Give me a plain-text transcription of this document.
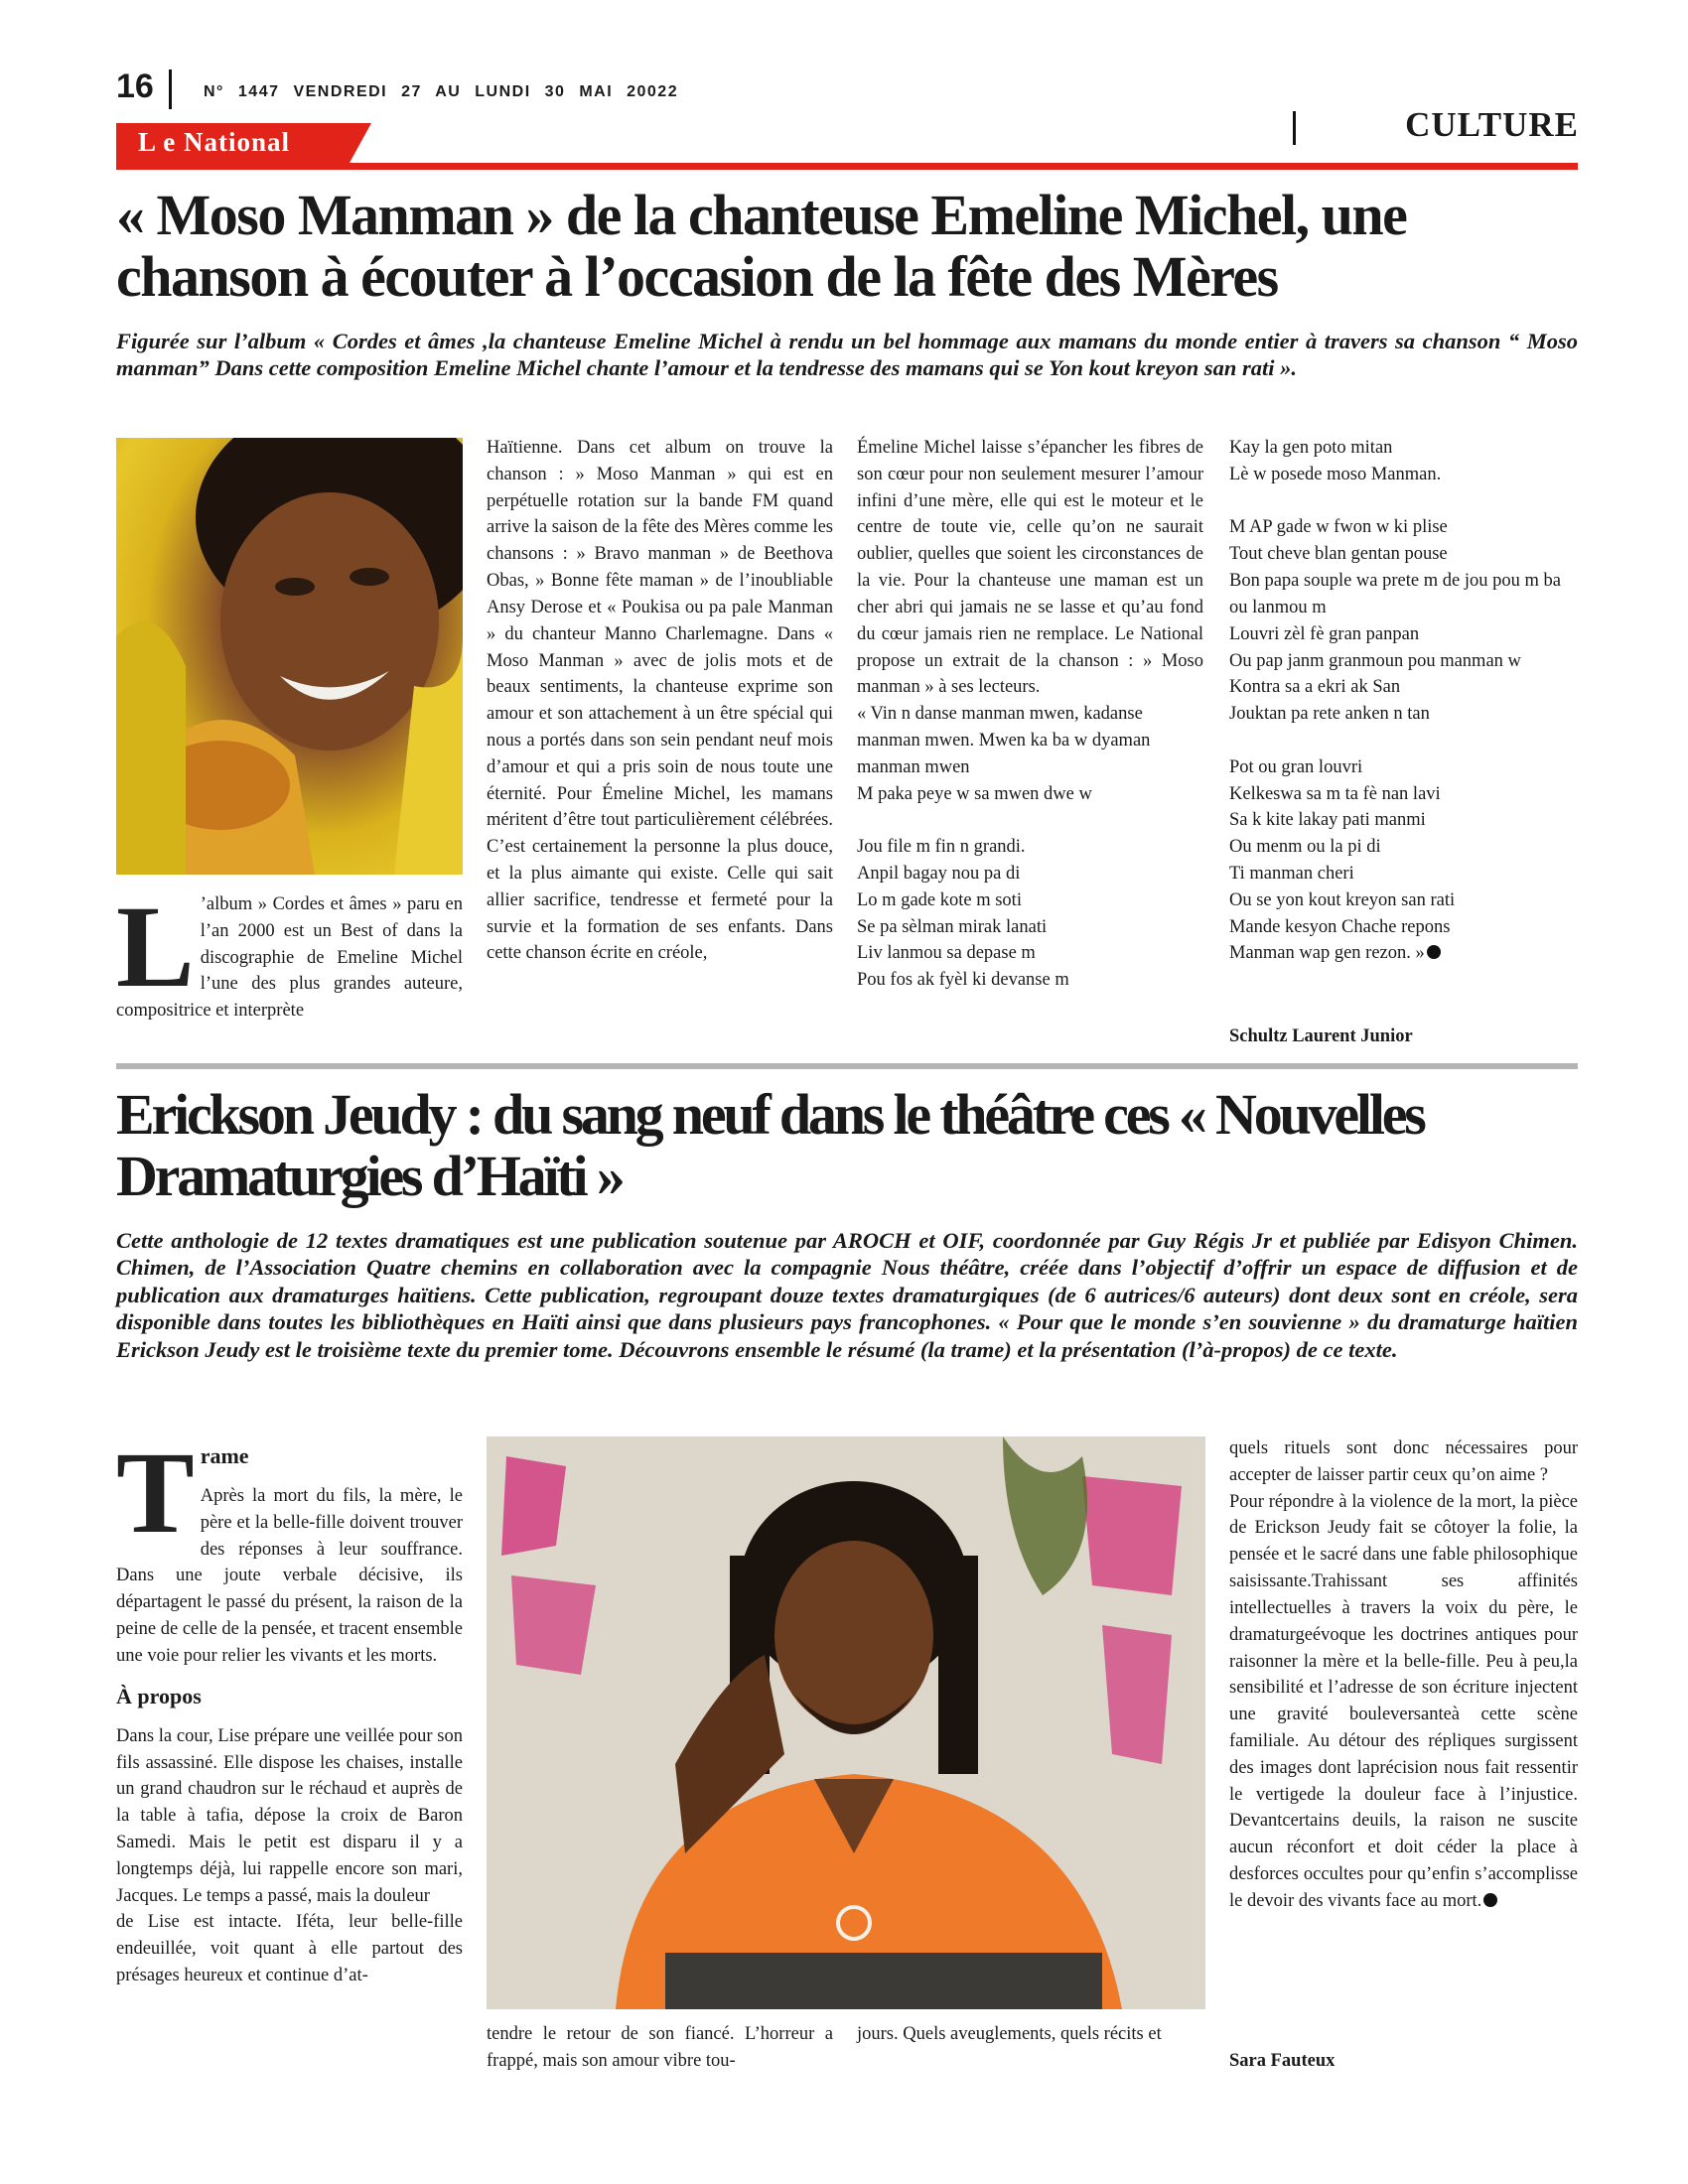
16	N° 1447 VENDREDI 27 AU LUNDI 30 MAI 20022
L e National	CULTURE
« Moso Manman » de la chanteuse Emeline Michel, une chanson à écouter à l’occasion de la fête des Mères
Figurée sur l’album « Cordes et âmes ,la chanteuse Emeline Michel à rendu un bel hommage aux mamans du monde entier à travers sa chanson “ Moso manman” Dans cette composition Emeline Michel chante l’amour et la tendresse des mamans qui se Yon kout kreyon san rati ».
L ’album » Cordes et âmes » paru en l’an 2000 est un Best of dans la discographie de Emeline Michel l’une des plus grandes auteure, compositrice et interprète

Haïtienne. Dans cet album on trouve la chanson : » Moso Manman » qui est en perpétuelle rotation sur la bande FM quand arrive la saison de la fête des Mères comme les chansons : » Bravo manman » de Beethova Obas, » Bonne fête maman » de l’inoubliable Ansy Derose et « Poukisa ou pa pale Manman » du chanteur Manno Charlemagne. Dans « Moso Manman » avec de jolis mots et de beaux sentiments, la chanteuse exprime son amour et son attachement à un être spécial qui nous a portés dans son sein pendant neuf mois d’amour et qui a pris soin de nous toute une éternité. Pour Émeline Michel, les mamans méritent d’être tout particulièrement célébrées. C’est certainement la personne la plus douce, et la plus aimante qui existe. Celle qui sait allier sacrifice, tendresse et fermeté pour la survie et la formation de ses enfants. Dans cette chanson écrite en créole,

Émeline Michel laisse s’épancher les fibres de son cœur pour non seulement mesurer l’amour infini d’une mère, elle qui est le moteur et le centre de toute vie, celle qu’on ne saurait oublier, quelles que soient les circonstances de la vie. Pour la chanteuse une maman est un cher abri qui jamais ne se lasse et qu’au fond du cœur jamais rien ne remplace. Le National propose un extrait de la chanson : » Moso manman » à ses lecteurs.

« Vin n danse manman mwen, kadanse manman mwen. Mwen ka ba w dyaman manman mwen
M paka peye w sa mwen dwe w

Jou file m fin n grandi.
Anpil bagay nou pa di
Lo m gade kote m soti
Se pa sèlman mirak lanati
Liv lanmou sa depase m
Pou fos ak fyèl ki devanse m

Kay la gen poto mitan
Lè w posede moso Manman.

M AP gade w fwon w ki plise
Tout cheve blan gentan pouse
Bon papa souple wa prete m de jou pou m ba ou lanmou m
Louvri zèl fè gran panpan
Ou pap janm granmoun pou manman w
Kontra sa a ekri ak San
Jouktan pa rete anken n tan

Pot ou gran louvri
Kelkeswa sa m ta fè nan lavi
Sa k kite lakay pati manmi
Ou menm ou la pi di
Ti manman cheri
Ou se yon kout kreyon san rati
Mande kesyon Chache repons
Manman wap gen rezon. »

Schultz Laurent Junior
Erickson Jeudy : du sang neuf dans le théâtre ces « Nouvelles Dramaturgies d’Haïti »
Cette anthologie de 12 textes dramatiques est une publication soutenue par AROCH et OIF, coordonnée par Guy Régis Jr et publiée par Edisyon Chimen. Chimen, de l’Association Quatre chemins en collaboration avec la compagnie Nous théâtre, créée dans l’objectif d’offrir un espace de diffusion et de publication aux dramaturges haïtiens. Cette publication, regroupant douze textes dramaturgiques (de 6 autrices/6 auteurs) dont deux sont en créole, sera disponible dans toutes les bibliothèques en Haïti ainsi que dans plusieurs pays francophones. « Pour que le monde s’en souvienne » du dramaturge haïtien Erickson Jeudy est le troisième texte du premier tome. Découvrons ensemble le résumé (la trame) et la présentation (l’à-propos) de ce texte.
T rame

Après la mort du fils, la mère, le père et la belle-fille doivent trouver des réponses à leur souffrance. Dans une joute verbale décisive, ils départagent le passé du présent, la raison de la peine de celle de la pensée, et tracent ensemble une voie pour relier les vivants et les morts.

À propos

Dans la cour, Lise prépare une veillée pour son fils assassiné. Elle dispose les chaises, installe un grand chaudron sur le réchaud et auprès de la table à tafia, dépose la croix de Baron Samedi. Mais le petit est disparu il y a longtemps déjà, lui rappelle encore son mari, Jacques. Le temps a passé, mais la douleur
de Lise est intacte. Iféta, leur belle-fille endeuillée, voit quant à elle partout des présages heureux et continue d’at-

tendre le retour de son fiancé. L’horreur a frappé, mais son amour vibre tou-

jours. Quels aveuglements, quels récits et

quels rituels sont donc nécessaires pour accepter de laisser partir ceux qu’on aime ?
Pour répondre à la violence de la mort, la pièce de Erickson Jeudy fait se côtoyer la folie, la pensée et le sacré dans une fable philosophique saisissante.Trahissant ses affinités intellectuelles à travers la voix du père, le dramaturgeévoque les doctrines antiques pour raisonner la mère et la belle-fille. Peu à peu,la sensibilité et l’adresse de son écriture injectent une gravité bouleversanteà cette scène familiale. Au détour des répliques surgissent des images dont laprécision nous fait ressentir le vertigede la douleur face à l’injustice. Devantcertains deuils, la raison ne suscite aucun réconfort et doit céder la place à desforces occultes pour qu’enfin s’accomplisse le devoir des vivants face au mort.

Sara Fauteux
